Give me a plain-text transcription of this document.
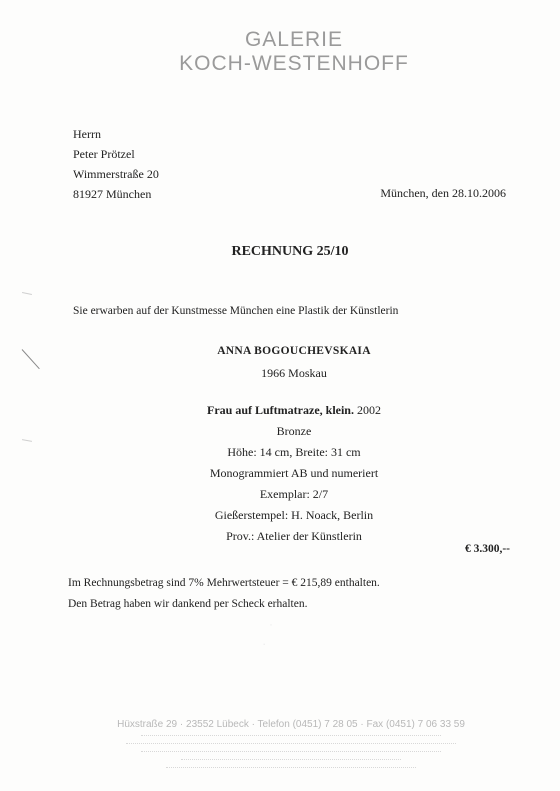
GALERIE
KOCH-WESTENHOFF
Herrn
Peter Prötzel
Wimmerstraße 20
81927 München	München, den 28.10.2006
RECHNUNG 25/10
Sie erwarben auf der Kunstmesse München eine Plastik der Künstlerin
ANNA BOGOUCHEVSKAIA
1966 Moskau
Frau auf Luftmatraze, klein. 2002
Bronze
Höhe: 14 cm, Breite: 31 cm
Monogrammiert AB und numeriert
Exemplar: 2/7
Gießerstempel: H. Noack, Berlin
Prov.: Atelier der Künstlerin
€ 3.300,--
Im Rechnungsbetrag sind 7% Mehrwertsteuer = € 215,89 enthalten.
Den Betrag haben wir dankend per Scheck erhalten.
·
·
Hüxstraße 29 · 23552 Lübeck · Telefon (0451) 7 28 05 · Fax (0451) 7 06 33 59
